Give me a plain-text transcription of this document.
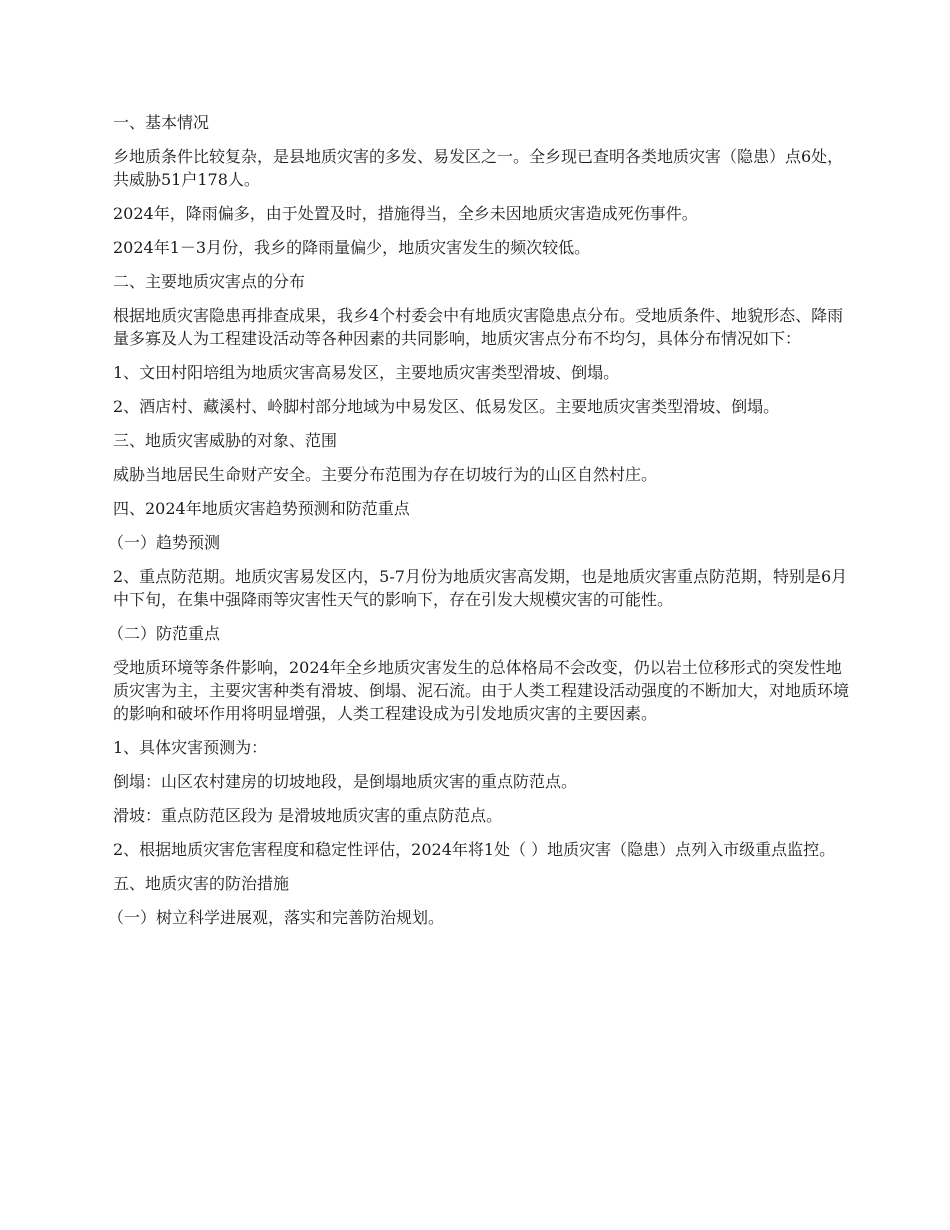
一、基本情况

乡地质条件比较复杂，是县地质灾害的多发、易发区之一。全乡现已查明各类地质灾害（隐患）点6处，共威胁51户178人。

2024年，降雨偏多，由于处置及时，措施得当，全乡未因地质灾害造成死伤事件。

2024年1－3月份，我乡的降雨量偏少，地质灾害发生的频次较低。

二、主要地质灾害点的分布

根据地质灾害隐患再排查成果，我乡4个村委会中有地质灾害隐患点分布。受地质条件、地貌形态、降雨量多寡及人为工程建设活动等各种因素的共同影响，地质灾害点分布不均匀，具体分布情况如下：

1、文田村阳培组为地质灾害高易发区，主要地质灾害类型滑坡、倒塌。

2、酒店村、藏溪村、岭脚村部分地域为中易发区、低易发区。主要地质灾害类型滑坡、倒塌。

三、地质灾害威胁的对象、范围

威胁当地居民生命财产安全。主要分布范围为存在切坡行为的山区自然村庄。

四、2024年地质灾害趋势预测和防范重点

（一）趋势预测

2、重点防范期。地质灾害易发区内，5-7月份为地质灾害高发期，也是地质灾害重点防范期，特别是6月中下旬，在集中强降雨等灾害性天气的影响下，存在引发大规模灾害的可能性。

（二）防范重点

受地质环境等条件影响，2024年全乡地质灾害发生的总体格局不会改变，仍以岩土位移形式的突发性地质灾害为主，主要灾害种类有滑坡、倒塌、泥石流。由于人类工程建设活动强度的不断加大，对地质环境的影响和破坏作用将明显增强，人类工程建设成为引发地质灾害的主要因素。

1、具体灾害预测为：

倒塌：山区农村建房的切坡地段，是倒塌地质灾害的重点防范点。

滑坡：重点防范区段为 是滑坡地质灾害的重点防范点。

2、根据地质灾害危害程度和稳定性评估，2024年将1处（ ）地质灾害（隐患）点列入市级重点监控。

五、地质灾害的防治措施

（一）树立科学进展观，落实和完善防治规划。
